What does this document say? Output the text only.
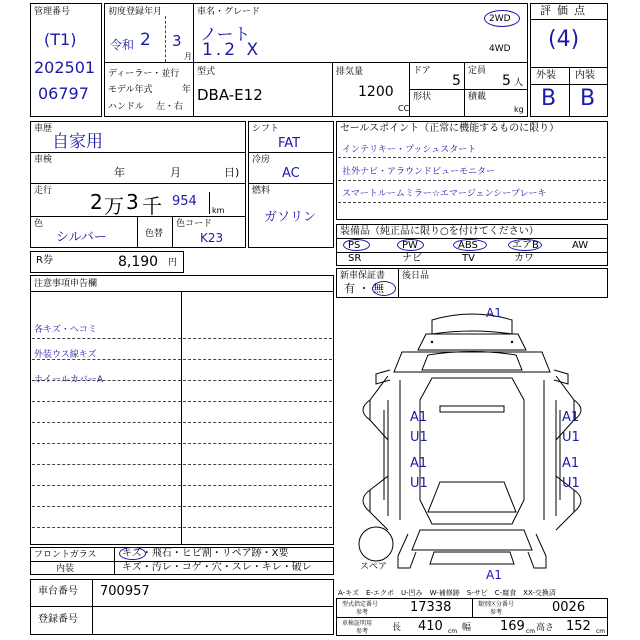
管理番号
(T1)
202501
06797
初度登録年月
令和 2 3
月
車名・グレード
ノート
1.2 X
2WD
4WD
ディーラー・並行
モデル年式	年
ハンドル 左・右
型式
DBA-E12
排気量
1200
CC
ドア
5
形状
定員
5 人
積載
kg
評価点
(4)
外装 内装
B B
車歴
自家用
車検
年	月	日)
走行 2 万 3 千 954
km
色
シルバー	色替
色コード
K23
シフト
FAT
冷房
AC
燃料
ガソリン
R券	8,190 円
セールスポイント（正常に機能するものに限り）
インテリキー・プッシュスタート
社外ナビ・アラウンドビューモニター
スマートルームミラー☆エマージェンシーブレーキ
装備品（純正品に限り○を付けてください）
PS	PW	ABS	エアB	AW
SR	ナビ	TV	カワ
新車保証書 後日品
有 ・ 無
注意事項申告欄
各キズ・ヘコミ
外装ウス線キズ
ホイールカバーA
A1
A1
U1
A1
U1
A1
U1
A1
U1
A1
スペア
フロントガラス	キズ・飛石・ヒビ割・リペア跡・X要
内装	キズ・汚レ・コゲ・穴・スレ・キレ・破レ
車台番号 700957
登録番号
A-キズ　E-エクボ　U-凹み　W-補修跡　S-サビ　C-腐食　XX-交換済
型式指定番号
参考	17338	類別区分番号
参考	0026
車検証明用
参考	長 410 cm 幅 169 cm 高さ 152 cm
